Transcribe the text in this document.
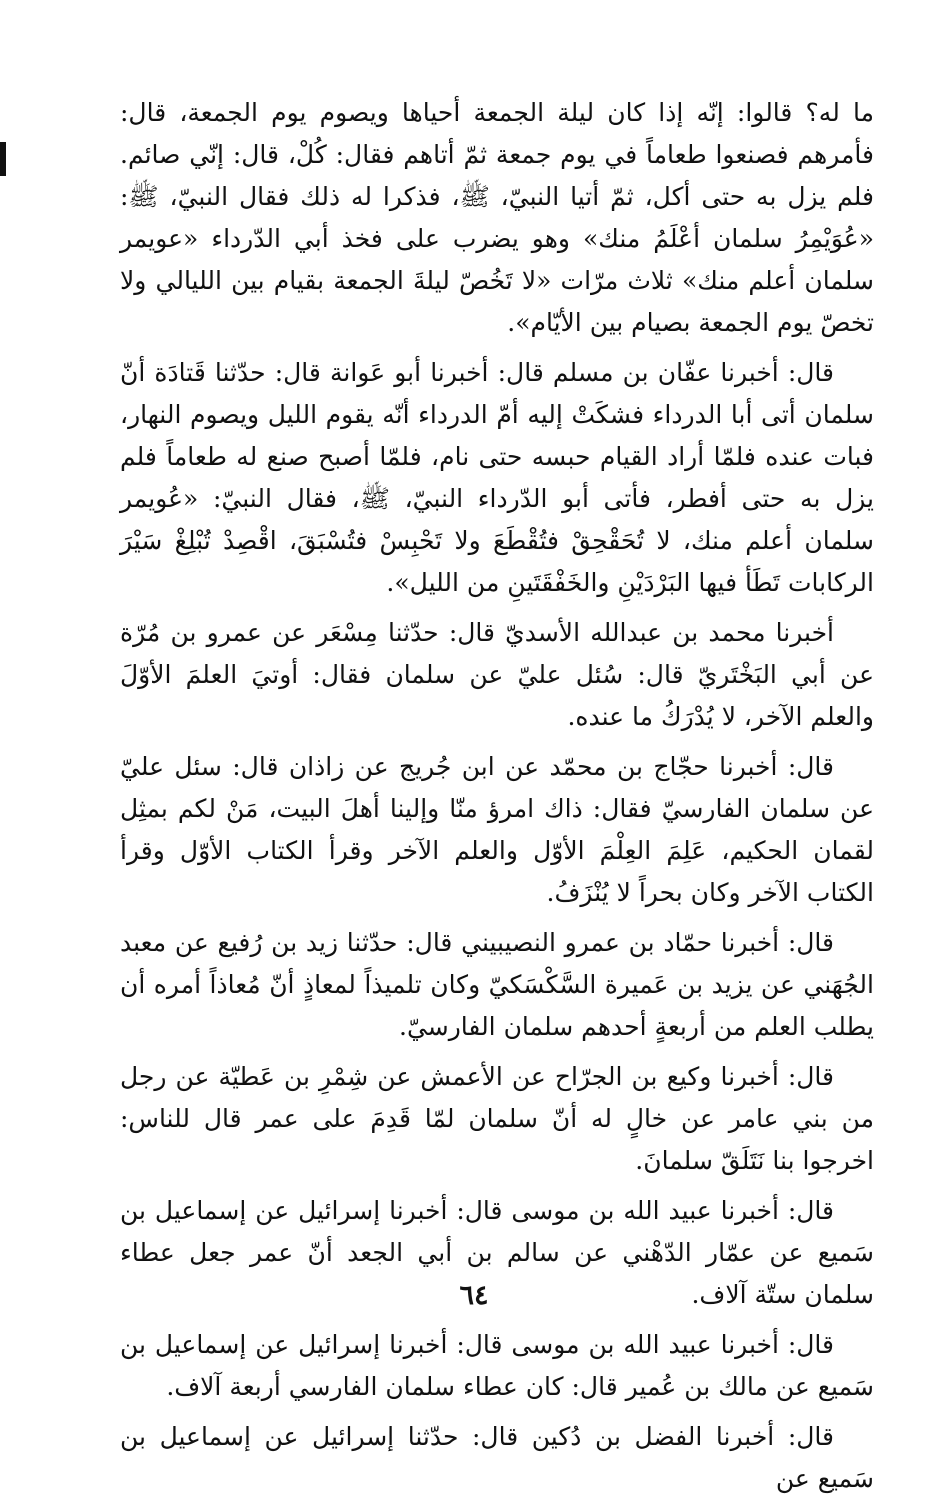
ما له؟ قالوا: إنّه إذا كان ليلة الجمعة أحياها ويصوم يوم الجمعة، قال: فأمرهم فصنعوا طعاماً في يوم جمعة ثمّ أتاهم فقال: كُلْ، قال: إنّي صائم. فلم يزل به حتى أكل، ثمّ أتيا النبيّ، ﷺ، فذكرا له ذلك فقال النبيّ، ﷺ: «عُوَيْمِرُ سلمان أعْلَمُ منك» وهو يضرب على فخذ أبي الدّرداء «عويمر سلمان أعلم منك» ثلاث مرّات «لا تَخُصّ ليلةَ الجمعة بقيام بين الليالي ولا تخصّ يوم الجمعة بصيام بين الأيّام».

قال: أخبرنا عفّان بن مسلم قال: أخبرنا أبو عَوانة قال: حدّثنا قَتادَة أنّ سلمان أتى أبا الدرداء فشكَتْ إليه أمّ الدرداء أنّه يقوم الليل ويصوم النهار، فبات عنده فلمّا أراد القيام حبسه حتى نام، فلمّا أصبح صنع له طعاماً فلم يزل به حتى أفطر، فأتى أبو الدّرداء النبيّ، ﷺ، فقال النبيّ: «عُويمر سلمان أعلم منك، لا تُحَقْحِقْ فتُقْطَعَ ولا تَحْبِسْ فتُسْبَقَ، اقْصِدْ تُبْلِغْ سَيْرَ الركابات تَطَأ فيها البَرْدَيْنِ والخَفْقَتَينِ من الليل».

أخبرنا محمد بن عبدالله الأسديّ قال: حدّثنا مِسْعَر عن عمرو بن مُرّة عن أبي البَخْتَريّ قال: سُئل عليّ عن سلمان فقال: أوتيَ العلمَ الأوّلَ والعلم الآخر، لا يُدْرَكُ ما عنده.

قال: أخبرنا حجّاج بن محمّد عن ابن جُريج عن زاذان قال: سئل عليّ عن سلمان الفارسيّ فقال: ذاك امرؤ منّا وإلينا أهلَ البيت، مَنْ لكم بمثِل لقمان الحكيم، عَلِمَ العِلْمَ الأوّل والعلم الآخر وقرأ الكتاب الأوّل وقرأ الكتاب الآخر وكان بحراً لا يُنْزَفُ.

قال: أخبرنا حمّاد بن عمرو النصيبيني قال: حدّثنا زيد بن رُفيع عن معبد الجُهَني عن يزيد بن عَميرة السَّكْسَكيّ وكان تلميذاً لمعاذٍ أنّ مُعاذاً أمره أن يطلب العلم من أربعةٍ أحدهم سلمان الفارسيّ.

قال: أخبرنا وكيع بن الجرّاح عن الأعمش عن شِمْرِ بن عَطيّة عن رجل من بني عامر عن خالٍ له أنّ سلمان لمّا قَدِمَ على عمر قال للناس: اخرجوا بنا نَتَلَقّ سلمانَ.

قال: أخبرنا عبيد الله بن موسى قال: أخبرنا إسرائيل عن إسماعيل بن سَميع عن عمّار الدّهْني عن سالم بن أبي الجعد أنّ عمر جعل عطاء سلمان ستّة آلاف.

قال: أخبرنا عبيد الله بن موسى قال: أخبرنا إسرائيل عن إسماعيل بن سَميع عن مالك بن عُمير قال: كان عطاء سلمان الفارسي أربعة آلاف.

قال: أخبرنا الفضل بن دُكين قال: حدّثنا إسرائيل عن إسماعيل بن سَميع عن

٦٤
